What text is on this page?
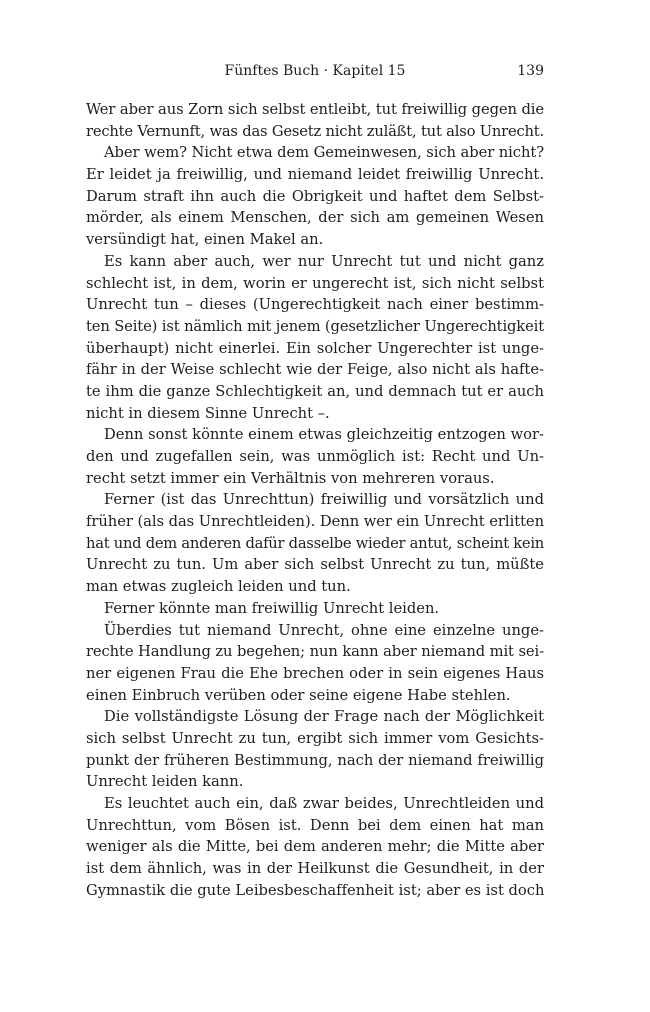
Fünftes Buch · Kapitel 15	139
Wer aber aus Zorn sich selbst entleibt, tut freiwillig gegen die
rechte Vernunft, was das Gesetz nicht zuläßt, tut also Unrecht.
Aber wem? Nicht etwa dem Gemeinwesen, sich aber nicht?
Er leidet ja freiwillig, und niemand leidet freiwillig Unrecht.
Darum straft ihn auch die Obrigkeit und haftet dem Selbst-
mörder, als einem Menschen, der sich am gemeinen Wesen
versündigt hat, einen Makel an.
Es kann aber auch, wer nur Unrecht tut und nicht ganz
schlecht ist, in dem, worin er ungerecht ist, sich nicht selbst
Unrecht tun – dieses (Ungerechtigkeit nach einer bestimm-
ten Seite) ist nämlich mit jenem (gesetzlicher Ungerechtigkeit
überhaupt) nicht einerlei. Ein solcher Ungerechter ist unge-
fähr in der Weise schlecht wie der Feige, also nicht als hafte-
te ihm die ganze Schlechtigkeit an, und demnach tut er auch
nicht in diesem Sinne Unrecht –.
Denn sonst könnte einem etwas gleichzeitig entzogen wor-
den und zugefallen sein, was unmöglich ist: Recht und Un-
recht setzt immer ein Verhältnis von mehreren voraus.
Ferner (ist das Unrechttun) freiwillig und vorsätzlich und
früher (als das Unrechtleiden). Denn wer ein Unrecht erlitten
hat und dem anderen dafür dasselbe wieder antut, scheint kein
Unrecht zu tun. Um aber sich selbst Unrecht zu tun, müßte
man etwas zugleich leiden und tun.
Ferner könnte man freiwillig Unrecht leiden.
Überdies tut niemand Unrecht, ohne eine einzelne unge-
rechte Handlung zu begehen; nun kann aber niemand mit sei-
ner eigenen Frau die Ehe brechen oder in sein eigenes Haus
einen Einbruch verüben oder seine eigene Habe stehlen.
Die vollständigste Lösung der Frage nach der Möglichkeit
sich selbst Unrecht zu tun, ergibt sich immer vom Gesichts-
punkt der früheren Bestimmung, nach der niemand freiwillig
Unrecht leiden kann.
Es leuchtet auch ein, daß zwar beides, Unrechtleiden und
Unrechttun, vom Bösen ist. Denn bei dem einen hat man
weniger als die Mitte, bei dem anderen mehr; die Mitte aber
ist dem ähnlich, was in der Heilkunst die Gesundheit, in der
Gymnastik die gute Leibesbeschaffenheit ist; aber es ist doch
